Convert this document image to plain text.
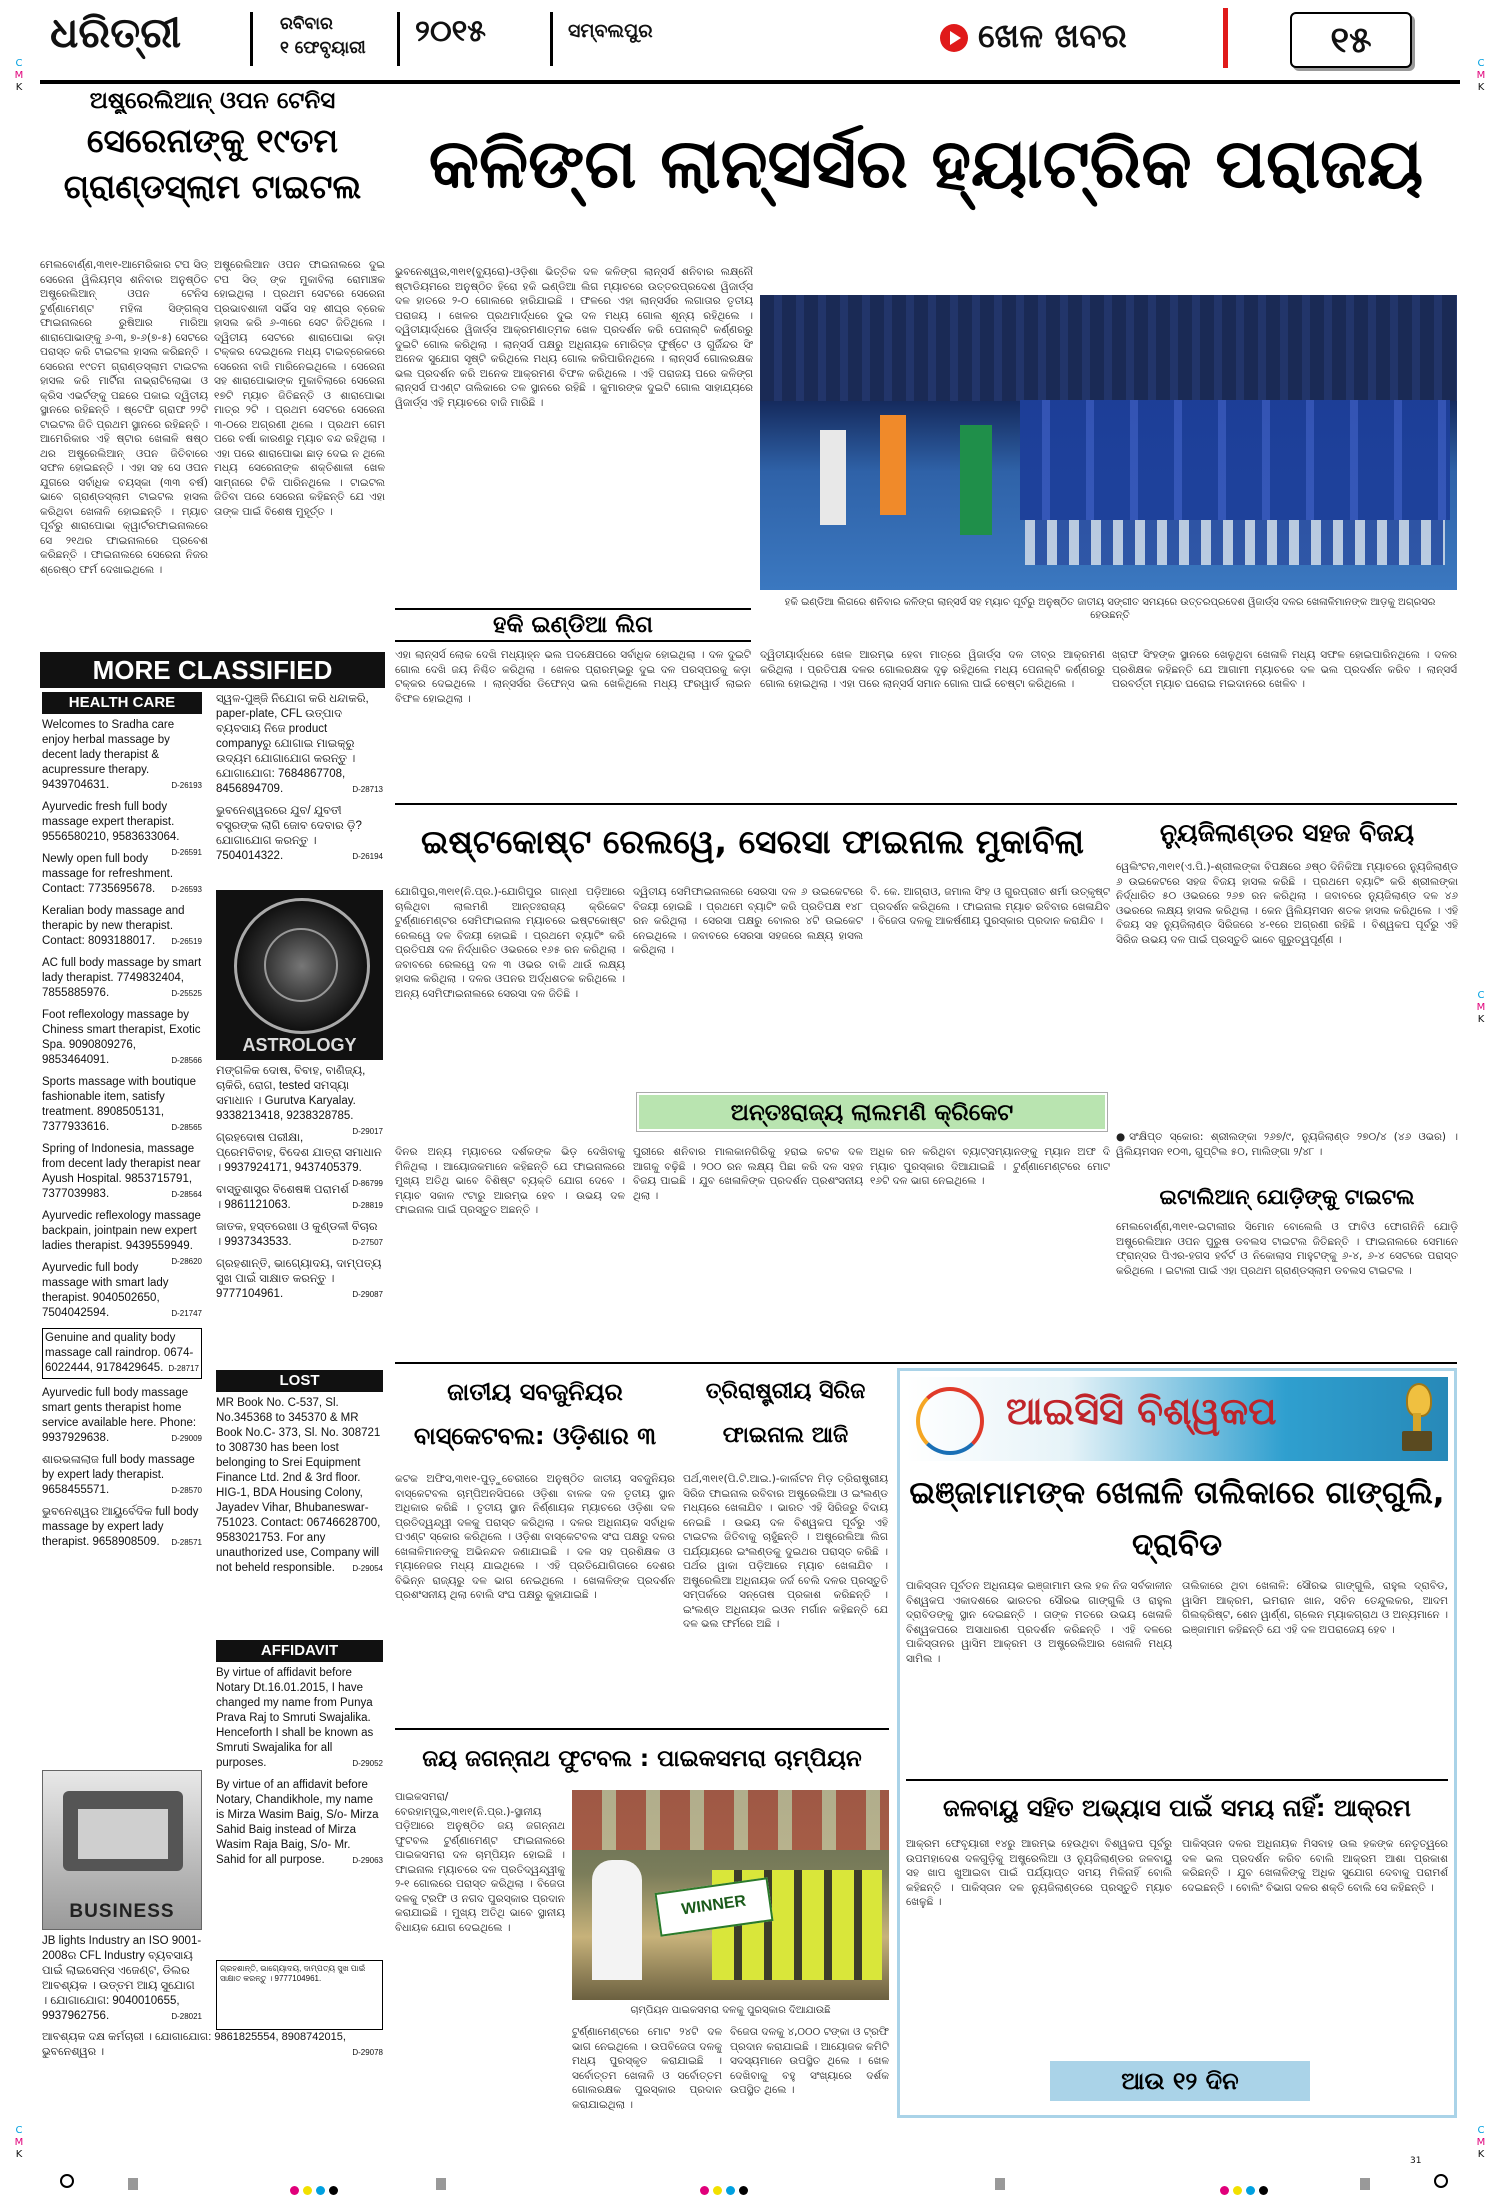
ଧରିତ୍ରୀ	ରବିବାର
୧ ଫେବୃୟାରୀ ୨୦୧୫	ସମ୍ବଲପୁର	ଖେଳ ଖବର	୧୫
C
M
K
C
M
K
C
M
K
C
M
K
C
M
K
ଅଷ୍ଟ୍ରେଲିଆନ୍ ଓପନ ଟେନିସ
ସେରେନାଙ୍କୁ ୧୯ତମ ଗ୍ରାଣ୍ଡସ୍ଲାମ ଟାଇଟଲ
ମେଲବୋର୍ଣ୍ଣ,୩୧ା୧-ଆମେରିକାର ଟପ ସିଡ୍ ସେରେନା ୱିଲିୟମ୍ସ ଶନିବାର ଅନୁଷ୍ଠିତ ଅଷ୍ଟ୍ରେଲିଆନ୍ ଓପନ ଟେନିସ ଟୁର୍ଣ୍ଣାମେଣ୍ଟ ମହିଳା ସିଙ୍ଗଲ୍ସ ଫାଇନାଲରେ ରୁଷିଆର ମାରିଆ ଶାରାପୋଭାଙ୍କୁ ୬-୩, ୭-୬(୭-୫) ସେଟରେ ପରାସ୍ତ କରି ଟାଇଟଲ ହାସଲ କରିଛନ୍ତି । ସେରେନା ୧୯ତମ ଗ୍ରାଣ୍ଡସ୍ଲାମ ଟାଇଟଲ ହାସଲ କରି ମାର୍ଟିନା ନାଭ୍ରାଟିଲୋଭା ଓ କ୍ରିସ ଏଭର୍ଟଙ୍କୁ ପଛରେ ପକାଇ ଦ୍ୱିତୀୟ ସ୍ଥାନରେ ରହିଛନ୍ତି । ଷ୍ଟେଫି ଗ୍ରାଫ ୨୨ଟି ଟାଇଟଲ ଜିତି ପ୍ରଥମ ସ୍ଥାନରେ ରହିଛନ୍ତି । ଆମେରିକାର ଏହି ଷ୍ଟାର ଖେଳାଳି ଷଷ୍ଠ ଥର ଅଷ୍ଟ୍ରେଲିଆନ୍ ଓପନ ଜିତିବାରେ ସଫଳ ହୋଇଛନ୍ତି । ଏହା ସହ ସେ ଓପନ ଯୁଗରେ ସର୍ବାଧିକ ବୟସ୍କା (୩୩ ବର୍ଷ) ଭାବେ ଗ୍ରାଣ୍ଡସ୍ଲାମ ଟାଇଟଲ ହାସଲ କରିଥିବା ଖେଳାଳି ହୋଇଛନ୍ତି । ମ୍ୟାଚ ପୂର୍ବରୁ ଶାରାପୋଭା କ୍ୱାର୍ଟରଫାଇନାଲରେ ସେ ୨୧ଥର ଫାଇନାଲରେ ପ୍ରବେଶ କରିଛନ୍ତି । ଫାଇନାଲରେ ସେରେନା ନିଜର ଶ୍ରେଷ୍ଠ ଫର୍ମ ଦେଖାଇଥିଲେ ।
ଅଷ୍ଟ୍ରେଲିଆନ ଓପନ ଫାଇନାଲରେ ଦୁଇ ଟପ ସିଡ୍ ଙ୍କ ମୁକାବିଲା ରୋମାଞ୍ଚକ ହୋଇଥିଲା । ପ୍ରଥମ ସେଟରେ ସେରେନା ପ୍ରଭାବଶାଳୀ ସର୍ଭିସ ସହ ଶୀଘ୍ର ବ୍ରେକ ହାସଲ କରି ୬-୩ରେ ସେଟ ଜିତିଥିଲେ । ଦ୍ୱିତୀୟ ସେଟରେ ଶାରାପୋଭା କଡ଼ା ଟକ୍କର ଦେଇଥିଲେ ମଧ୍ୟ ଟାଇବ୍ରେକରେ ସେରେନା ବାଜି ମାରିନେଇଥିଲେ । ସେରେନା ସହ ଶାରାପୋଭାଙ୍କ ମୁକାବିଲାରେ ସେରେନା ୧୭ଟି ମ୍ୟାଚ ଜିତିଛନ୍ତି ଓ ଶାରାପୋଭା ମାତ୍ର ୨ଟି । ପ୍ରଥମ ସେଟରେ ସେରେନା ୩-୦ରେ ଅଗ୍ରଣୀ ଥିଲେ । ପ୍ରଥମ ଗେମ ପରେ ବର୍ଷା କାରଣରୁ ମ୍ୟାଚ ବନ୍ଦ ରହିଥିଲା । ଏହା ପରେ ଶାରାପୋଭା ଛାଡ଼ ଦେଇ ନ ଥିଲେ ମଧ୍ୟ ସେରେନାଙ୍କ ଶକ୍ତିଶାଳୀ ଖେଳ ସାମ୍ନାରେ ଟିକି ପାରିନଥିଲେ । ଟାଇଟଲ ଜିତିବା ପରେ ସେରେନା କହିଛନ୍ତି ଯେ ଏହା ତାଙ୍କ ପାଇଁ ବିଶେଷ ମୁହୂର୍ତ୍ତ ।
କଳିଙ୍ଗ ଲାନ୍ସର୍ସର ହ୍ୟାଟ୍ରିକ ପରାଜୟ
ଭୁବନେଶ୍ୱର,୩୧ା୧(ବ୍ୟୁରୋ)-ଓଡ଼ିଶା ଭିତ୍ତିକ ଦଳ କଳିଙ୍ଗ ଲାନ୍ସର୍ସ ଶନିବାର ଲକ୍ଷ୍ନୌ ଷ୍ଟାଡିୟମରେ ଅନୁଷ୍ଠିତ ହିରୋ ହକି ଇଣ୍ଡିଆ ଲିଗ ମ୍ୟାଚରେ ଉତ୍ତରପ୍ରଦେଶ ୱିଜାର୍ଡ୍ସ ଦଳ ହାତରେ ୨-୦ ଗୋଲରେ ହାରିଯାଇଛି । ଫଳରେ ଏହା ଲାନ୍ସର୍ସର ଲଗାତାର ତୃତୀୟ ପରାଜୟ । ଖେଳର ପ୍ରଥମାର୍ଦ୍ଧରେ ଦୁଇ ଦଳ ମଧ୍ୟ ଗୋଲ ଶୂନ୍ୟ ରହିଥିଲେ । ଦ୍ୱିତୀୟାର୍ଦ୍ଧରେ ୱିଜାର୍ଡ୍ସ ଆକ୍ରମଣାତ୍ମକ ଖେଳ ପ୍ରଦର୍ଶନ କରି ପେନାଲ୍ଟି କର୍ଣ୍ଣରରୁ ଦୁଇଟି ଗୋଲ କରିଥିଲା । ଲାନ୍ସର୍ସ ପକ୍ଷରୁ ଅଧିନାୟକ ମୋରିଟ୍ଜ ଫୁର୍ଷ୍ଟେ ଓ ଗୁର୍ଜିନ୍ଦର ସିଂ ଅନେକ ସୁଯୋଗ ସୃଷ୍ଟି କରିଥିଲେ ମଧ୍ୟ ଗୋଲ କରିପାରିନଥିଲେ । ଲାନ୍ସର୍ସ ଗୋଲରକ୍ଷକ ଭଲ ପ୍ରଦର୍ଶନ କରି ଅନେକ ଆକ୍ରମଣ ବିଫଳ କରିଥିଲେ । ଏହି ପରାଜୟ ପରେ କଳିଙ୍ଗ ଲାନ୍ସର୍ସ ପଏଣ୍ଟ ତାଲିକାରେ ତଳ ସ୍ଥାନରେ ରହିଛି । କୁମାରଙ୍କ ଦୁଇଟି ଗୋଲ ସାହାଯ୍ୟରେ ୱିଜାର୍ଡ୍ସ ଏହି ମ୍ୟାଚରେ ବାଜି ମାରିଛି ।
ହକି ଇଣ୍ଡିଆ ଲିଗରେ ଶନିବାର କଳିଙ୍ଗ ଲାନ୍ସର୍ସ ସହ ମ୍ୟାଚ ପୂର୍ବରୁ ଅନୁଷ୍ଠିତ ଜାତୀୟ ସଙ୍ଗୀତ ସମୟରେ ଉତ୍ତରପ୍ରଦେଶ ୱିଜାର୍ଡ୍ସ ଦଳର ଖେଳାଳିମାନଙ୍କ ଆଡ଼କୁ ଅଗ୍ରସର ହେଉଛନ୍ତି
ହକି ଇଣ୍ଡିଆ ଲିଗ
ଏହା ଲାନ୍ସର୍ସ ଲୋକ ଦେଖି ମଧ୍ୟାହ୍ନ ଭଲ ପଦକ୍ଷେପରେ ସର୍ବାଧିକ ହୋଇଥିଲା । ଦଳ ଦୁଇଟି ଗୋଲ ଦେଖି ଜୟ ନିଶ୍ଚିତ କରିଥିଲା । ଖେଳର ପ୍ରାରମ୍ଭରୁ ଦୁଇ ଦଳ ପରସ୍ପରକୁ କଡ଼ା ଟକ୍କର ଦେଇଥିଲେ । ଲାନ୍ସର୍ସର ଡିଫେନ୍ସ ଭଲ ଖେଳିଥିଲେ ମଧ୍ୟ ଫରୱାର୍ଡ ଲାଇନ ବିଫଳ ହୋଇଥିଲା ।
ଦ୍ୱିତୀୟାର୍ଦ୍ଧରେ ଖେଳ ଆରମ୍ଭ ହେବା ମାତ୍ରେ ୱିଜାର୍ଡ୍ସ ଦଳ ତୀବ୍ର ଆକ୍ରମଣ କରିଥିଲା । ପ୍ରତିପକ୍ଷ ଦଳର ଗୋଲରକ୍ଷକ ଦୃଢ଼ ରହିଥିଲେ ମଧ୍ୟ ପେନାଲ୍ଟି କର୍ଣ୍ଣରରୁ ଗୋଲ ହୋଇଥିଲା । ଏହା ପରେ ଲାନ୍ସର୍ସ ସମାନ ଗୋଲ ପାଇଁ ଚେଷ୍ଟା କରିଥିଲେ ।
ଖ୍ରାଫ ସିଂହଙ୍କ ସ୍ଥାନରେ ଖେଳୁଥିବା ଖେଳାଳି ମଧ୍ୟ ସଫଳ ହୋଇପାରିନଥିଲେ । ଦଳର ପ୍ରଶିକ୍ଷକ କହିଛନ୍ତି ଯେ ଆଗାମୀ ମ୍ୟାଚରେ ଦଳ ଭଲ ପ୍ରଦର୍ଶନ କରିବ । ଲାନ୍ସର୍ସ ପରବର୍ତ୍ତୀ ମ୍ୟାଚ ଘରୋଇ ମଇଦାନରେ ଖେଳିବ ।
MORE CLASSIFIED
HEALTH CARE

Welcomes to Sradha care enjoy herbal massage by decent lady therapist & acupressure therapy. 9439704631.	D-26193

Ayurvedic fresh full body massage expert therapist. 9556580210, 9583633064.
D-26591

Newly open full body massage for refreshment. Contact: 7735695678. D-26593

Keralian body massage and therapic by new therapist. Contact: 8093188017. D-26519

AC full body massage by smart lady therapist. 7749832404, 7855885976.	D-25525

Foot reflexology massage by Chiness smart therapist, Exotic Spa. 9090809276, 9853464091.	D-28566

Sports massage with boutique fashionable item, satisfy treatment. 8908505131, 7377933616.	D-28565

Spring of Indonesia, massage from decent lady therapist near Ayush Hospital. 9853715791, 7377039983.	D-28564

Ayurvedic reflexology massage backpain, jointpain new expert ladies therapist. 9439559949.
D-28620

Ayurvedic full body massage with smart lady therapist. 9040502650, 7504042594.	D-21747

Genuine and quality body massage call raindrop. 0674- 6022444, 9178429645. D-28717

Ayurvedic full body massage smart gents therapist home service available here. Phone: 9937929638.	D-29009

ଶାରଭଳାଲାଜ full body massage by expert lady therapist. 9658455571.	D-28570

ଭୁବନେଶ୍ୱର ଆୟୁର୍ବେଦିକ full body massage by expert lady therapist. 9658908509. D-28571

BUSINESS
JB lights Industry an ISO 9001-2008ର CFL Industry ବ୍ୟବସାୟ ପାଇଁ ଲାଇସେନ୍ସ ଏଜେଣ୍ଟ, ଡିଲର ଆବଶ୍ୟକ । ଉତ୍ତମ ଆୟ ସୁଯୋଗ । ଯୋଗାଯୋଗ: 9040010655, 9937962756.	D-28021

ସ୍ୱଳ-ପୁଞ୍ଜି ନିଯୋଗ କରି ଧନ୍ଦାକରି, paper-plate, CFL ଉତ୍ପାଦ ବ୍ୟବସାୟ ନିଜେ product companyରୁ ଯୋଗାଇ ମାଇକ୍ରୁ ଉଦ୍ୟମ ଯୋଗାଯୋଗ କରନ୍ତୁ । ଯୋଗାଯୋଗ: 7684867708, 8456894709.	D-28713

ଭୁବନେଶ୍ୱରରେ ଯୁବ/ ଯୁବତୀ ବସ୍ତ୍ରଙ୍କ ଲାଗି ଜୋବ ଦେବାର ଡ଼ି? ଯୋଗାଯୋଗ କରନ୍ତୁ । 7504014322.	D-26194

ASTROLOGY

ମଙ୍ଗଳିକ ଦୋଷ, ବିବାହ, ବାଣିଜ୍ୟ, ଚାକିରି, ରୋଗ, tested ସମସ୍ୟା ସମାଧାନ । Gurutva Karyalay. 9338213418, 9238328785.
D-29017

ଗ୍ରହଦୋଷ ପରୀକ୍ଷା, ପ୍ରେମବିବାହ, ବିଦେଶ ଯାତ୍ରା ସମାଧାନ । 9937924171, 9437405379.
D-86799

ବାସ୍ତୁଶାସ୍ତ୍ର ବିଶେଷଜ୍ଞ ପରାମର୍ଶ । 9861121063.	D-28819

ଜାତକ, ହସ୍ତରେଖା ଓ କୁଣ୍ଡଳୀ ବିଚାର । 9937343533.	D-27507

ଗ୍ରହଶାନ୍ତି, ଭାଗ୍ୟୋଦୟ, ଦାମ୍ପତ୍ୟ ସୁଖ ପାଇଁ ସାକ୍ଷାତ କରନ୍ତୁ । 9777104961.	D-29087

LOST
MR Book No. C-537, Sl. No.345368 to 345370 & MR Book No.C- 373, Sl. No. 308721 to 308730 has been lost belonging to Srei Equipment Finance Ltd. 2nd & 3rd floor. HIG-1, BDA Housing Colony, Jayadev Vihar, Bhubaneswar- 751023. Contact: 06746628700, 9583021753. For any unauthorized use, Company will not beheld responsible. D-29054
AFFIDAVIT

By virtue of affidavit before Notary Dt.16.01.2015, I have changed my name from Punya Prava Raj to Smruti Swajalika. Henceforth I shall be known as Smruti Swajalika for all purposes.	D-29052

By virtue of an affidavit before Notary, Chandikhole, my name is Mirza Wasim Baig, S/o- Mirza Sahid Baig instead of Mirza Wasim Raja Baig, S/o- Mr. Sahid for all purpose.	D-29063

ଆବଶ୍ୟକ ଦକ୍ଷ କର୍ମଚାରୀ । ଯୋଗାଯୋଗ: 9861825554, 8908742015, ଭୁବନେଶ୍ୱର ।	D-29078
ଗ୍ରହଶାନ୍ତି, ଭାଗ୍ୟୋଦୟ, ଦାମ୍ପତ୍ୟ ସୁଖ ପାଇଁ ସାକ୍ଷାତ କରନ୍ତୁ । 9777104961.
ଇଷ୍ଟକୋଷ୍ଟ ରେଲୱେ, ସେରସା ଫାଇନାଲ ମୁକାବିଲା
ଯୋଗିପୁର,୩୧ା୧(ନି.ପ୍ର.)-ଯୋଗିପୁର ଗାନ୍ଧୀ ପଡ଼ିଆରେ ଚାଲିଥିବା ଲାଲମଣି ଆନ୍ତଃରାଜ୍ୟ କ୍ରିକେଟ ଟୁର୍ଣ୍ଣାମେଣ୍ଟର ସେମିଫାଇନାଲ ମ୍ୟାଚରେ ଇଷ୍ଟକୋଷ୍ଟ ରେଲୱେ ଦଳ ବିଜୟୀ ହୋଇଛି । ପ୍ରଥମେ ବ୍ୟାଟିଂ କରି ପ୍ରତିପକ୍ଷ ଦଳ ନିର୍ଦ୍ଧାରିତ ଓଭରରେ ୧୬୫ ରନ କରିଥିଲା । ଜବାବରେ ରେଲୱେ ଦଳ ୩ ଓଭର ବାକି ଥାଉଁ ଲକ୍ଷ୍ୟ ହାସଲ କରିଥିଲା । ଦଳର ଓପନର ଅର୍ଦ୍ଧଶତକ କରିଥିଲେ । ଅନ୍ୟ ସେମିଫାଇନାଲରେ ସେରସା ଦଳ ଜିତିଛି ।
ଦ୍ୱିତୀୟ ସେମିଫାଇନାଲରେ ସେରସା ଦଳ ୬ ଉଇକେଟରେ ବିଜୟୀ ହୋଇଛି । ପ୍ରଥମେ ବ୍ୟାଟିଂ କରି ପ୍ରତିପକ୍ଷ ୧୪୮ ରନ କରିଥିଲା । ସେରସା ପକ୍ଷରୁ ବୋଲର ୪ଟି ଉଇକେଟ ନେଇଥିଲେ । ଜବାବରେ ସେରସା ସହଜରେ ଲକ୍ଷ୍ୟ ହାସଲ କରିଥିଲା ।
ବି. କେ. ଆଗ୍ରାଓ, ଜମାଲ ସିଂହ ଓ ଗୁରପ୍ରୀତ ଶର୍ମା ଉତ୍କୃଷ୍ଟ ପ୍ରଦର୍ଶନ କରିଥିଲେ । ଫାଇନାଲ ମ୍ୟାଚ ରବିବାର ଖେଳାଯିବ । ବିଜେତା ଦଳକୁ ଆକର୍ଷଣୀୟ ପୁରସ୍କାର ପ୍ରଦାନ କରାଯିବ ।
ଅନ୍ତଃରାଜ୍ୟ ଲାଲମଣି କ୍ରିକେଟ
ଦିନର ଅନ୍ୟ ମ୍ୟାଚରେ ଦର୍ଶକଙ୍କ ଭିଡ଼ ଦେଖିବାକୁ ମିଳିଥିଲା । ଆୟୋଜକମାନେ କହିଛନ୍ତି ଯେ ଫାଇନାଲରେ ମୁଖ୍ୟ ଅତିଥି ଭାବେ ବିଶିଷ୍ଟ ବ୍ୟକ୍ତି ଯୋଗ ଦେବେ । ମ୍ୟାଚ ସକାଳ ୯ଟାରୁ ଆରମ୍ଭ ହେବ । ଉଭୟ ଦଳ ଫାଇନାଲ ପାଇଁ ପ୍ରସ୍ତୁତ ଅଛନ୍ତି ।
ପୁରୀରେ ଶନିବାର ମାଲକାନଗିରିକୁ ହରାଇ କଟକ ଦଳ ଆଗକୁ ବଢ଼ିଛି । ୨୦୦ ରନ ଲକ୍ଷ୍ୟ ପିଛା କରି ଦଳ ସହଜ ବିଜୟ ପାଇଛି । ଯୁବ ଖେଳାଳିଙ୍କ ପ୍ରଦର୍ଶନ ପ୍ରଶଂସନୀୟ ଥିଲା ।
ଅଧିକ ରନ କରିଥିବା ବ୍ୟାଟ୍ସମ୍ୟାନଙ୍କୁ ମ୍ୟାନ ଅଫ ଦି ମ୍ୟାଚ ପୁରସ୍କାର ଦିଆଯାଇଛି । ଟୁର୍ଣ୍ଣାମେଣ୍ଟରେ ମୋଟ ୧୬ଟି ଦଳ ଭାଗ ନେଇଥିଲେ ।
ନ୍ୟୁଜିଲାଣ୍ଡର ସହଜ ବିଜୟ
ୱେଲିଂଟନ,୩୧ା୧(ଏ.ପି.)-ଶ୍ରୀଲଙ୍କା ବିପକ୍ଷରେ ୬ଷ୍ଠ ଦିନିକିଆ ମ୍ୟାଚରେ ନ୍ୟୁଜିଲାଣ୍ଡ ୬ ଉଇକେଟରେ ସହଜ ବିଜୟ ହାସଲ କରିଛି । ପ୍ରଥମେ ବ୍ୟାଟିଂ କରି ଶ୍ରୀଲଙ୍କା ନିର୍ଦ୍ଧାରିତ ୫୦ ଓଭରରେ ୨୬୭ ରନ କରିଥିଲା । ଜବାବରେ ନ୍ୟୁଜିଲାଣ୍ଡ ଦଳ ୪୬ ଓଭରରେ ଲକ୍ଷ୍ୟ ହାସଲ କରିଥିଲା । କେନ ୱିଲିୟମସନ ଶତକ ହାସଲ କରିଥିଲେ । ଏହି ବିଜୟ ସହ ନ୍ୟୁଜିଲାଣ୍ଡ ସିରିଜରେ ୪-୧ରେ ଅଗ୍ରଣୀ ରହିଛି । ବିଶ୍ୱକପ ପୂର୍ବରୁ ଏହି ସିରିଜ ଉଭୟ ଦଳ ପାଇଁ ପ୍ରସ୍ତୁତି ଭାବେ ଗୁରୁତ୍ୱପୂର୍ଣ୍ଣ ।
●ସଂକ୍ଷିପ୍ତ ସ୍କୋର: ଶ୍ରୀଲଙ୍କା ୨୬୭/୯, ନ୍ୟୁଜିଲାଣ୍ଡ ୨୭୦/୪ (୪୬ ଓଭର) । ୱିଲିୟମସନ ୧୦୩, ଗୁପ୍ଟିଲ ୫୦, ମାଲିଙ୍ଗା ୨/୪୮ ।
ଇଟାଲିଆନ୍ ଯୋଡ଼ିଙ୍କୁ ଟାଇଟଲ
ମେଲବୋର୍ଣ୍ଣ,୩୧ା୧-ଇଟାଲୀର ସିମୋନ ବୋଲେଲି ଓ ଫାବିଓ ଫୋଗନିନି ଯୋଡ଼ି ଅଷ୍ଟ୍ରେଲିଆନ ଓପନ ପୁରୁଷ ଡବଲସ ଟାଇଟଲ ଜିତିଛନ୍ତି । ଫାଇନାଲରେ ସେମାନେ ଫ୍ରାନ୍ସର ପିଏର-ହଗସ ହର୍ବର୍ଟ ଓ ନିକୋଲାସ ମାହୁଟଙ୍କୁ ୬-୪, ୬-୪ ସେଟରେ ପରାସ୍ତ କରିଥିଲେ । ଇଟାଲୀ ପାଇଁ ଏହା ପ୍ରଥମ ଗ୍ରାଣ୍ଡସ୍ଲାମ ଡବଲସ ଟାଇଟଲ ।
ଜାତୀୟ ସବଜୁନିୟର ବାସ୍କେଟବଲ: ଓଡ଼ିଶାର ୩
କଟକ ଅଫିସ,୩୧ା୧-ପୁଡ଼ୁଚେରୀରେ ଅନୁଷ୍ଠିତ ଜାତୀୟ ସବଜୁନିୟର ବାସ୍କେଟବଲ ଚାମ୍ପିଅନସିପରେ ଓଡ଼ିଶା ବାଳକ ଦଳ ତୃତୀୟ ସ୍ଥାନ ଅଧିକାର କରିଛି । ତୃତୀୟ ସ୍ଥାନ ନିର୍ଣ୍ଣାୟକ ମ୍ୟାଚରେ ଓଡ଼ିଶା ଦଳ ପ୍ରତିଦ୍ୱନ୍ଦ୍ୱୀ ଦଳକୁ ପରାସ୍ତ କରିଥିଲା । ଦଳର ଅଧିନାୟକ ସର୍ବାଧିକ ପଏଣ୍ଟ ସ୍କୋର କରିଥିଲେ । ଓଡ଼ିଶା ବାସ୍କେଟବଲ ସଂଘ ପକ୍ଷରୁ ଦଳର ଖେଳାଳିମାନଙ୍କୁ ଅଭିନନ୍ଦନ ଜଣାଯାଇଛି । ଦଳ ସହ ପ୍ରଶିକ୍ଷକ ଓ ମ୍ୟାନେଜର ମଧ୍ୟ ଯାଇଥିଲେ । ଏହି ପ୍ରତିଯୋଗିତାରେ ଦେଶର ବିଭିନ୍ନ ରାଜ୍ୟରୁ ଦଳ ଭାଗ ନେଇଥିଲେ । ଖେଳାଳିଙ୍କ ପ୍ରଦର୍ଶନ ପ୍ରଶଂସନୀୟ ଥିଲା ବୋଲି ସଂଘ ପକ୍ଷରୁ କୁହାଯାଇଛି ।
ତ୍ରିରାଷ୍ଟ୍ରୀୟ ସିରିଜ ଫାଇନାଲ ଆଜି
ପର୍ଥ,୩୧ା୧(ପି.ଟି.ଆଇ.)-କାର୍ଲଟନ ମିଡ଼ ତ୍ରିରାଷ୍ଟ୍ରୀୟ ସିରିଜ ଫାଇନାଲ ରବିବାର ଅଷ୍ଟ୍ରେଲିଆ ଓ ଇଂଲଣ୍ଡ ମଧ୍ୟରେ ଖେଳାଯିବ । ଭାରତ ଏହି ସିରିଜରୁ ବିଦାୟ ନେଇଛି । ଉଭୟ ଦଳ ବିଶ୍ୱକପ ପୂର୍ବରୁ ଏହି ଟାଇଟଲ ଜିତିବାକୁ ଚାହୁଁଛନ୍ତି । ଅଷ୍ଟ୍ରେଲିଆ ଲିଗ ପର୍ଯ୍ୟାୟରେ ଇଂଲଣ୍ଡକୁ ଦୁଇଥର ପରାସ୍ତ କରିଛି । ପର୍ଥର ୱାକା ପଡ଼ିଆରେ ମ୍ୟାଚ ଖେଳାଯିବ । ଅଷ୍ଟ୍ରେଲିଆ ଅଧିନାୟକ ଜର୍ଜ ବେଲି ଦଳର ପ୍ରସ୍ତୁତି ସମ୍ପର୍କରେ ସନ୍ତୋଷ ପ୍ରକାଶ କରିଛନ୍ତି । ଇଂଲଣ୍ଡ ଅଧିନାୟକ ଇଓନ ମର୍ଗାନ କହିଛନ୍ତି ଯେ ଦଳ ଭଲ ଫର୍ମରେ ଅଛି ।
ଜୟ ଜଗନ୍ନାଥ ଫୁଟବଲ : ପାଇକସମରା ଚାମ୍ପିୟନ
ପାଇକସମରା/ବେରହାମ୍ପୁର,୩୧ା୧(ନି.ପ୍ର.)-ସ୍ଥାନୀୟ ପଡ଼ିଆରେ ଅନୁଷ୍ଠିତ ଜୟ ଜଗନ୍ନାଥ ଫୁଟବଲ ଟୁର୍ଣ୍ଣାମେଣ୍ଟ ଫାଇନାଲରେ ପାଇକସମରା ଦଳ ଚାମ୍ପିୟନ ହୋଇଛି । ଫାଇନାଲ ମ୍ୟାଚରେ ଦଳ ପ୍ରତିଦ୍ୱନ୍ଦ୍ୱୀକୁ ୨-୧ ଗୋଲରେ ପରାସ୍ତ କରିଥିଲା । ବିଜେତା ଦଳକୁ ଟ୍ରଫି ଓ ନଗଦ ପୁରସ୍କାର ପ୍ରଦାନ କରାଯାଇଛି । ମୁଖ୍ୟ ଅତିଥି ଭାବେ ସ୍ଥାନୀୟ ବିଧାୟକ ଯୋଗ ଦେଇଥିଲେ ।
WINNER
ଚାମ୍ପିୟନ ପାଇକସମରା ଦଳକୁ ପୁରସ୍କାର ଦିଆଯାଉଛି
ଟୁର୍ଣ୍ଣାମେଣ୍ଟରେ ମୋଟ ୨୪ଟି ଦଳ ଭାଗ ନେଇଥିଲେ । ଉପବିଜେତା ଦଳକୁ ମଧ୍ୟ ପୁରସ୍କୃତ କରାଯାଇଛି । ସର୍ବୋତ୍ତମ ଖେଳାଳି ଓ ସର୍ବୋତ୍ତମ ଗୋଲରକ୍ଷକ ପୁରସ୍କାର ପ୍ରଦାନ କରାଯାଇଥିଲା ।
ବିଜେତା ଦଳକୁ ୪,୦୦୦ ଟଙ୍କା ଓ ଟ୍ରଫି ପ୍ରଦାନ କରାଯାଇଛି । ଆୟୋଜକ କମିଟି ସଦସ୍ୟମାନେ ଉପସ୍ଥିତ ଥିଲେ । ଖେଳ ଦେଖିବାକୁ ବହୁ ସଂଖ୍ୟାରେ ଦର୍ଶକ ଉପସ୍ଥିତ ଥିଲେ ।
ଆଇସିସି ବିଶ୍ୱକପ
ଇଞ୍ଜାମାମଙ୍କ ଖେଳାଳି ତାଲିକାରେ ଗାଙ୍ଗୁଲି, ଦ୍ରାବିଡ
ପାକିସ୍ତାନ ପୂର୍ବତନ ଅଧିନାୟକ ଇଞ୍ଜାମାମ ଉଲ ହକ ନିଜ ସର୍ବକାଳୀନ ବିଶ୍ୱକପ ଏକାଦଶରେ ଭାରତର ସୌରଭ ଗାଙ୍ଗୁଲି ଓ ରାହୁଲ ଦ୍ରାବିଡଙ୍କୁ ସ୍ଥାନ ଦେଇଛନ୍ତି । ତାଙ୍କ ମତରେ ଉଭୟ ଖେଳାଳି ବିଶ୍ୱକପରେ ଅସାଧାରଣ ପ୍ରଦର୍ଶନ କରିଛନ୍ତି । ଏହି ଦଳରେ ପାକିସ୍ତାନର ୱାସିମ ଆକ୍ରମ ଓ ଅଷ୍ଟ୍ରେଲିଆର ଖେଳାଳି ମଧ୍ୟ ସାମିଲ ।
ତାଲିକାରେ ଥିବା ଖେଳାଳି: ସୌରଭ ଗାଙ୍ଗୁଲି, ରାହୁଲ ଦ୍ରାବିଡ, ୱାସିମ ଆକ୍ରମ, ଇମରାନ ଖାନ, ସଚିନ ତେନ୍ଦୁଲକର, ଆଦମ ଗିଲକ୍ରିଷ୍ଟ, ଶେନ ୱାର୍ଣ୍ଣ, ଗ୍ଲେନ ମ୍ୟାକଗ୍ରାଥ ଓ ଅନ୍ୟମାନେ । ଇଞ୍ଜାମାମ କହିଛନ୍ତି ଯେ ଏହି ଦଳ ଅପରାଜେୟ ହେବ ।
ଜଳବାୟୁ ସହିତ ଅଭ୍ୟାସ ପାଇଁ ସମୟ ନାହିଁ: ଆକ୍ରମ
ଆକ୍ରମ ଫେବୃୟାରୀ ୧୪ରୁ ଆରମ୍ଭ ହେଉଥିବା ବିଶ୍ୱକପ ପୂର୍ବରୁ ଉପମହାଦେଶ ଦଳଗୁଡ଼ିକୁ ଅଷ୍ଟ୍ରେଲିଆ ଓ ନ୍ୟୁଜିଲାଣ୍ଡର ଜଳବାୟୁ ସହ ଖାପ ଖୁଆଇବା ପାଇଁ ପର୍ଯ୍ୟାପ୍ତ ସମୟ ମିଳିନାହିଁ ବୋଲି କହିଛନ୍ତି । ପାକିସ୍ତାନ ଦଳ ନ୍ୟୁଜିଲାଣ୍ଡରେ ପ୍ରସ୍ତୁତି ମ୍ୟାଚ ଖେଳୁଛି ।
ପାକିସ୍ତାନ ଦଳର ଅଧିନାୟକ ମିସବାହ ଉଲ ହକଙ୍କ ନେତୃତ୍ୱରେ ଦଳ ଭଲ ପ୍ରଦର୍ଶନ କରିବ ବୋଲି ଆକ୍ରମ ଆଶା ପ୍ରକାଶ କରିଛନ୍ତି । ଯୁବ ଖେଳାଳିଙ୍କୁ ଅଧିକ ସୁଯୋଗ ଦେବାକୁ ପରାମର୍ଶ ଦେଇଛନ୍ତି । ବୋଲିଂ ବିଭାଗ ଦଳର ଶକ୍ତି ବୋଲି ସେ କହିଛନ୍ତି ।
ଆଉ ୧୨ ଦିନ
31
